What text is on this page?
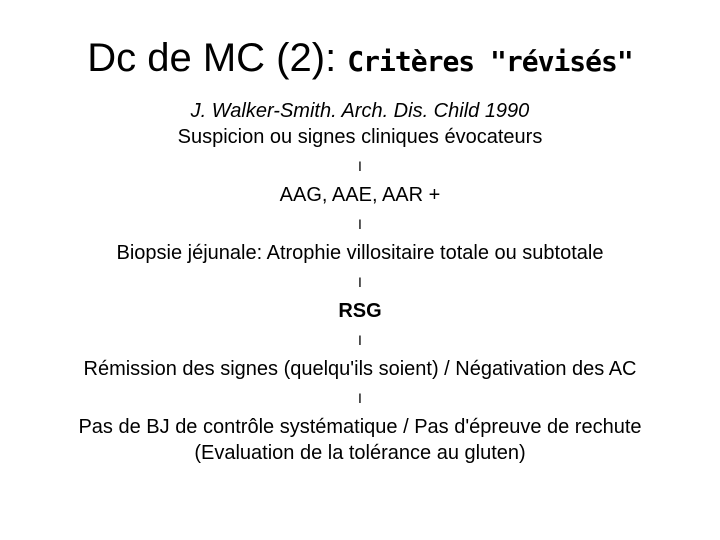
Dc de MC (2): Critères "révisés"
J. Walker-Smith. Arch. Dis. Child 1990
Suspicion ou signes cliniques évocateurs
I
AAG, AAE, AAR +
I
Biopsie jéjunale: Atrophie villositaire totale ou subtotale
I
RSG
I
Rémission des signes (quelqu'ils soient) / Négativation des AC
I
Pas de BJ de contrôle systématique / Pas d'épreuve de rechute
(Evaluation de la tolérance au gluten)
